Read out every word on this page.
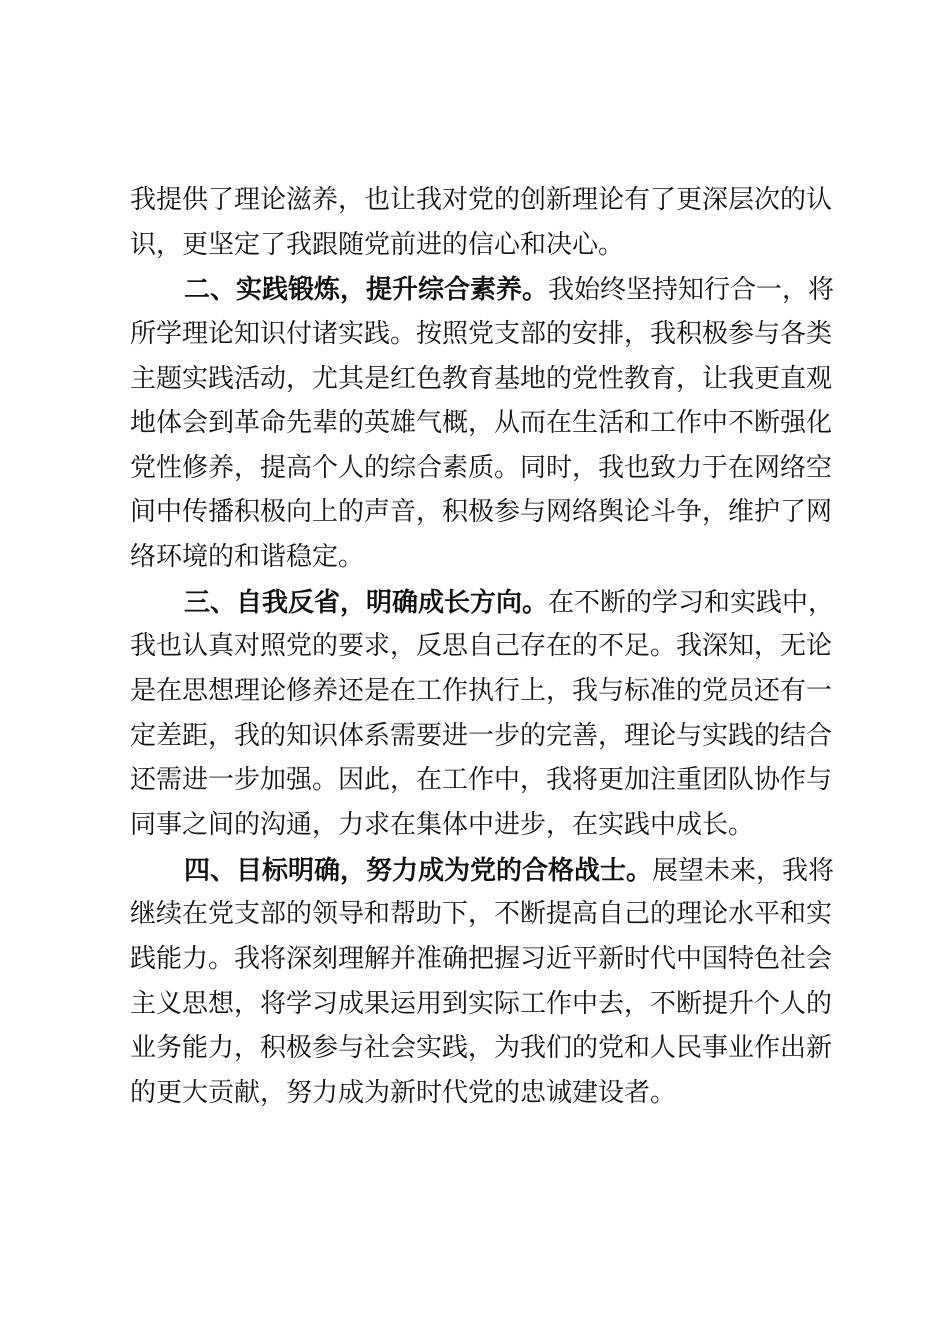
我提供了理论滋养，也让我对党的创新理论有了更深层次的认
识，更坚定了我跟随党前进的信心和决心。
二、实践锻炼，提升综合素养。我始终坚持知行合一，将
所学理论知识付诸实践。按照党支部的安排，我积极参与各类
主题实践活动，尤其是红色教育基地的党性教育，让我更直观
地体会到革命先辈的英雄气概，从而在生活和工作中不断强化
党性修养，提高个人的综合素质。同时，我也致力于在网络空
间中传播积极向上的声音，积极参与网络舆论斗争，维护了网
络环境的和谐稳定。
三、自我反省，明确成长方向。在不断的学习和实践中，
我也认真对照党的要求，反思自己存在的不足。我深知，无论
是在思想理论修养还是在工作执行上，我与标准的党员还有一
定差距，我的知识体系需要进一步的完善，理论与实践的结合
还需进一步加强。因此，在工作中，我将更加注重团队协作与
同事之间的沟通，力求在集体中进步，在实践中成长。
四、目标明确，努力成为党的合格战士。展望未来，我将
继续在党支部的领导和帮助下，不断提高自己的理论水平和实
践能力。我将深刻理解并准确把握习近平新时代中国特色社会
主义思想，将学习成果运用到实际工作中去，不断提升个人的
业务能力，积极参与社会实践，为我们的党和人民事业作出新
的更大贡献，努力成为新时代党的忠诚建设者。
